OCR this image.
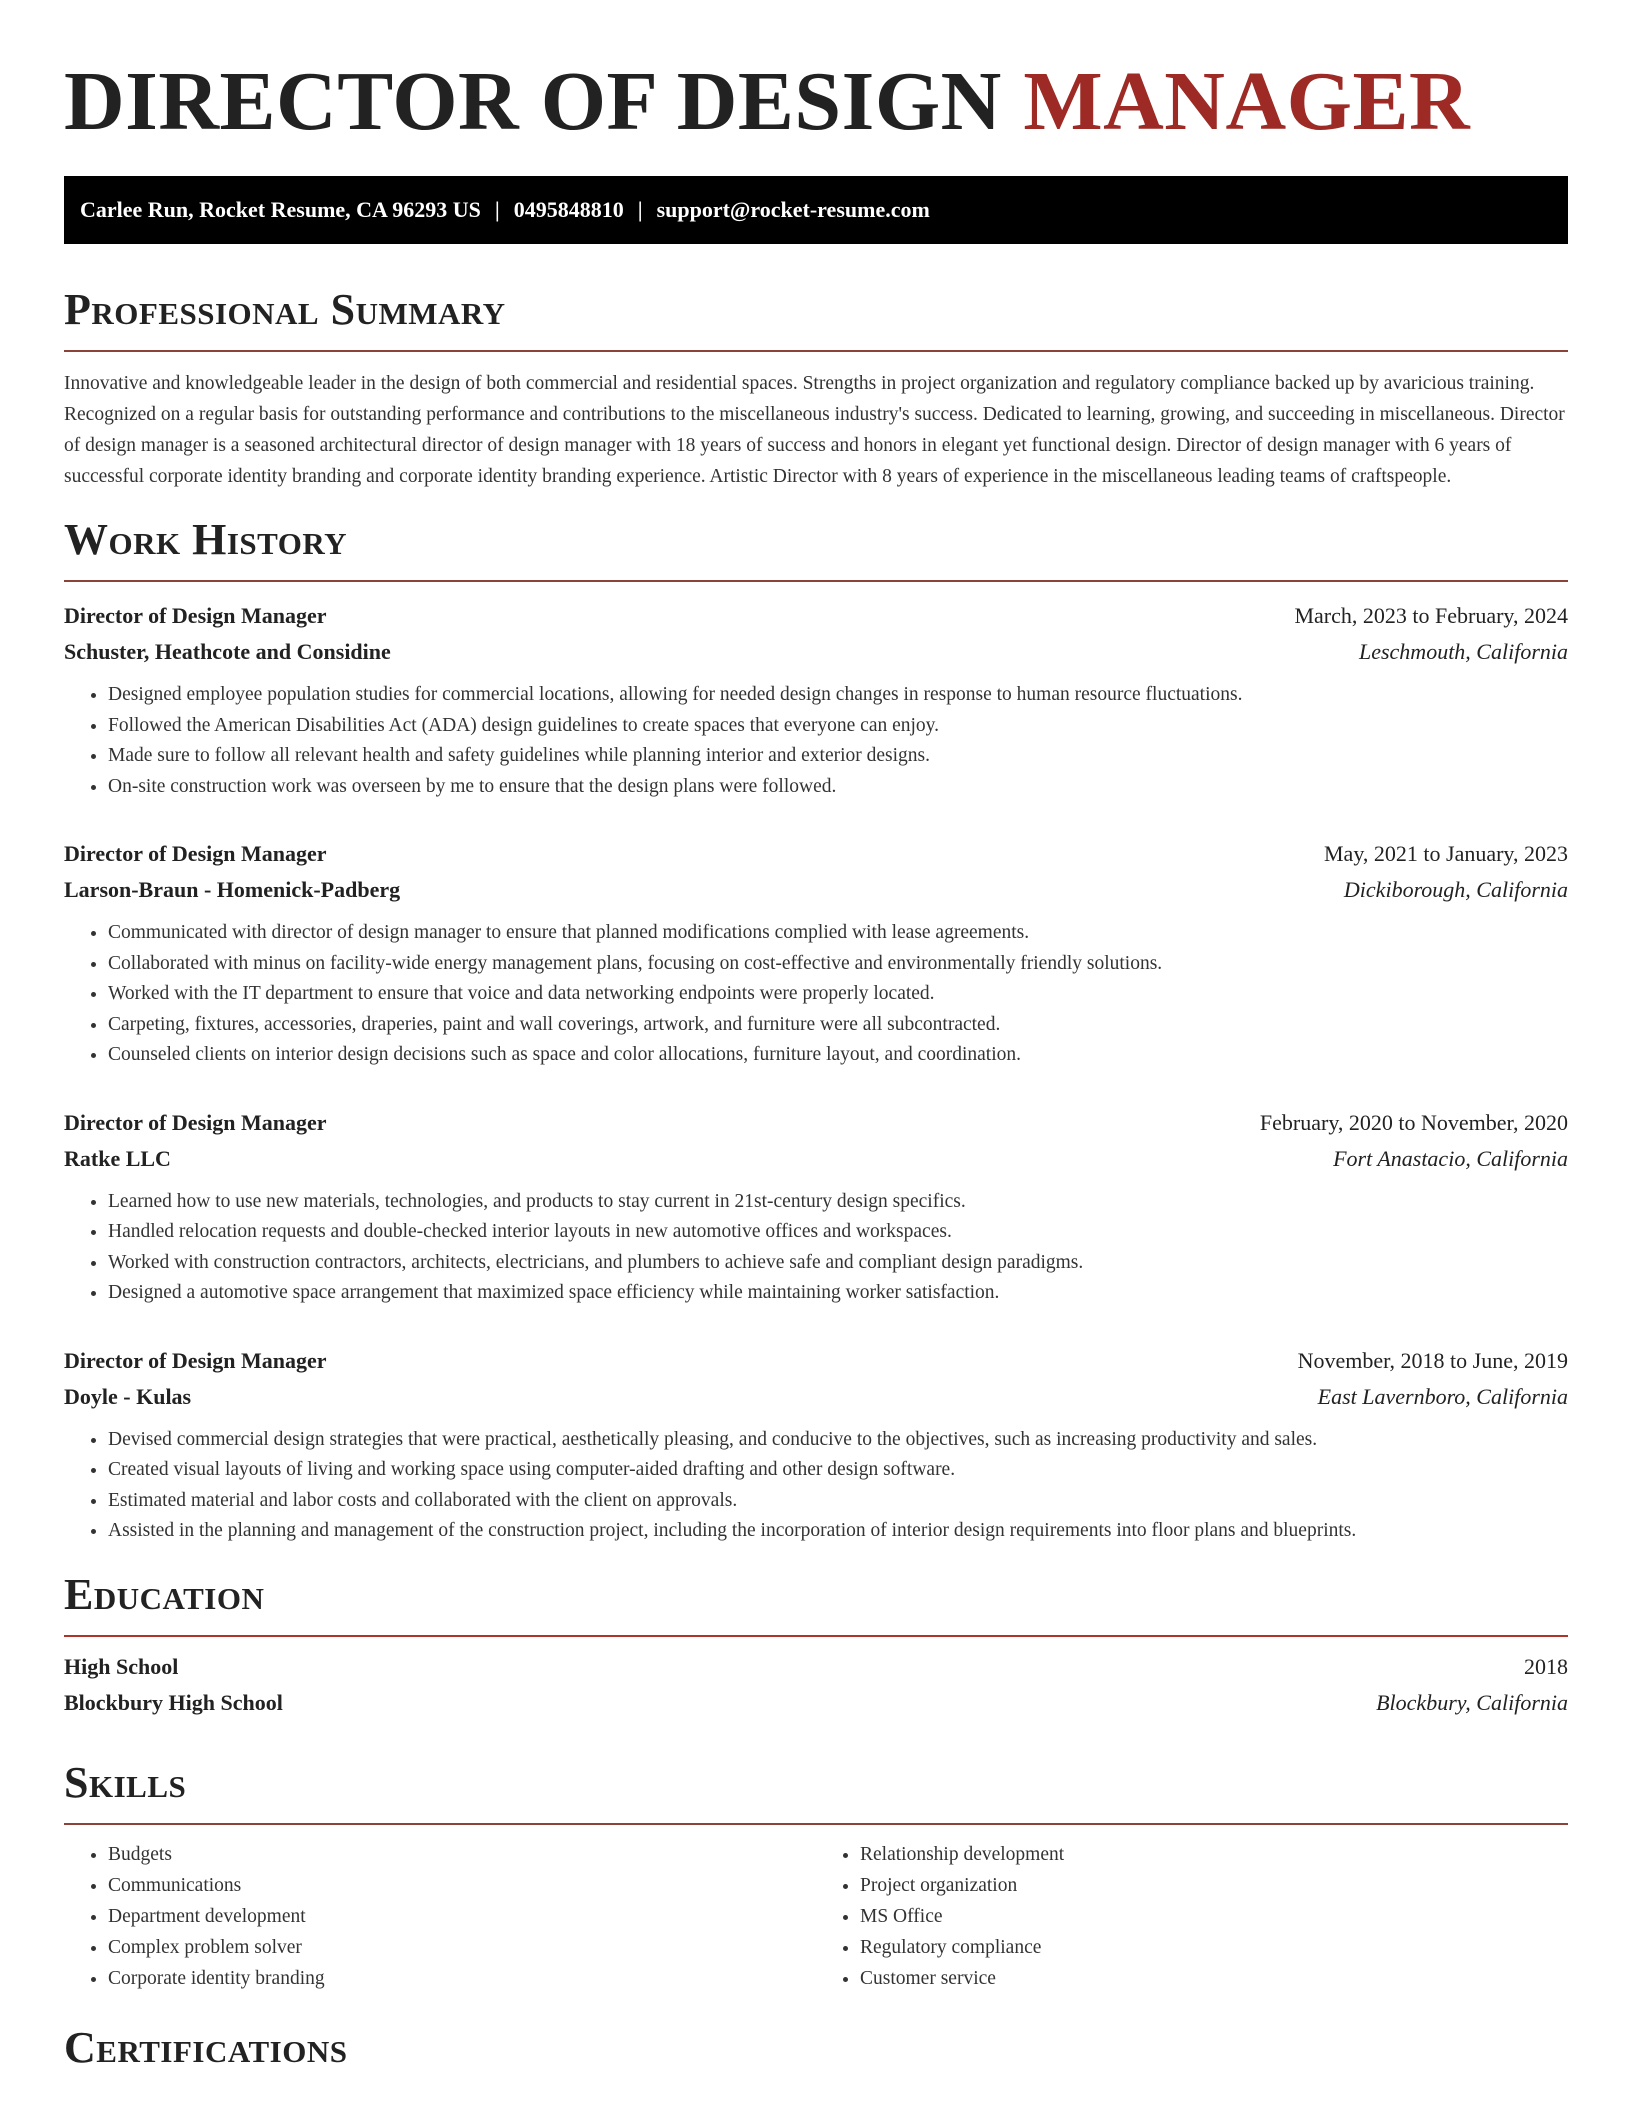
DIRECTOR OF DESIGN MANAGER
Carlee Run, Rocket Resume, CA 96293 US | 0495848810 | support@rocket-resume.com
Professional Summary

Innovative and knowledgeable leader in the design of both commercial and residential spaces. Strengths in project organization and regulatory compliance backed up by avaricious training. Recognized on a regular basis for outstanding performance and contributions to the miscellaneous industry's success. Dedicated to learning, growing, and succeeding in miscellaneous. Director of design manager is a seasoned architectural director of design manager with 18 years of success and honors in elegant yet functional design. Director of design manager with 6 years of successful corporate identity branding and corporate identity branding experience. Artistic Director with 8 years of experience in the miscellaneous leading teams of craftspeople.

Work History
Director of Design Manager	March, 2023 to February, 2024
Schuster, Heathcote and Considine	Leschmouth, California
• Designed employee population studies for commercial locations, allowing for needed design changes in response to human resource fluctuations.
• Followed the American Disabilities Act (ADA) design guidelines to create spaces that everyone can enjoy.
• Made sure to follow all relevant health and safety guidelines while planning interior and exterior designs.
• On-site construction work was overseen by me to ensure that the design plans were followed.
Director of Design Manager	May, 2021 to January, 2023
Larson-Braun - Homenick-Padberg	Dickiborough, California
• Communicated with director of design manager to ensure that planned modifications complied with lease agreements.
• Collaborated with minus on facility-wide energy management plans, focusing on cost-effective and environmentally friendly solutions.
• Worked with the IT department to ensure that voice and data networking endpoints were properly located.
• Carpeting, fixtures, accessories, draperies, paint and wall coverings, artwork, and furniture were all subcontracted.
• Counseled clients on interior design decisions such as space and color allocations, furniture layout, and coordination.
Director of Design Manager	February, 2020 to November, 2020
Ratke LLC	Fort Anastacio, California
• Learned how to use new materials, technologies, and products to stay current in 21st-century design specifics.
• Handled relocation requests and double-checked interior layouts in new automotive offices and workspaces.
• Worked with construction contractors, architects, electricians, and plumbers to achieve safe and compliant design paradigms.
• Designed a automotive space arrangement that maximized space efficiency while maintaining worker satisfaction.
Director of Design Manager	November, 2018 to June, 2019
Doyle - Kulas	East Lavernboro, California
• Devised commercial design strategies that were practical, aesthetically pleasing, and conducive to the objectives, such as increasing productivity and sales.
• Created visual layouts of living and working space using computer-aided drafting and other design software.
• Estimated material and labor costs and collaborated with the client on approvals.
• Assisted in the planning and management of the construction project, including the incorporation of interior design requirements into floor plans and blueprints.
Education
High School	2018
Blockbury High School	Blockbury, California
Skills
• Budgets
• Communications
• Department development
• Complex problem solver
• Corporate identity branding
• Relationship development
• Project organization
• MS Office
• Regulatory compliance
• Customer service
Certifications
